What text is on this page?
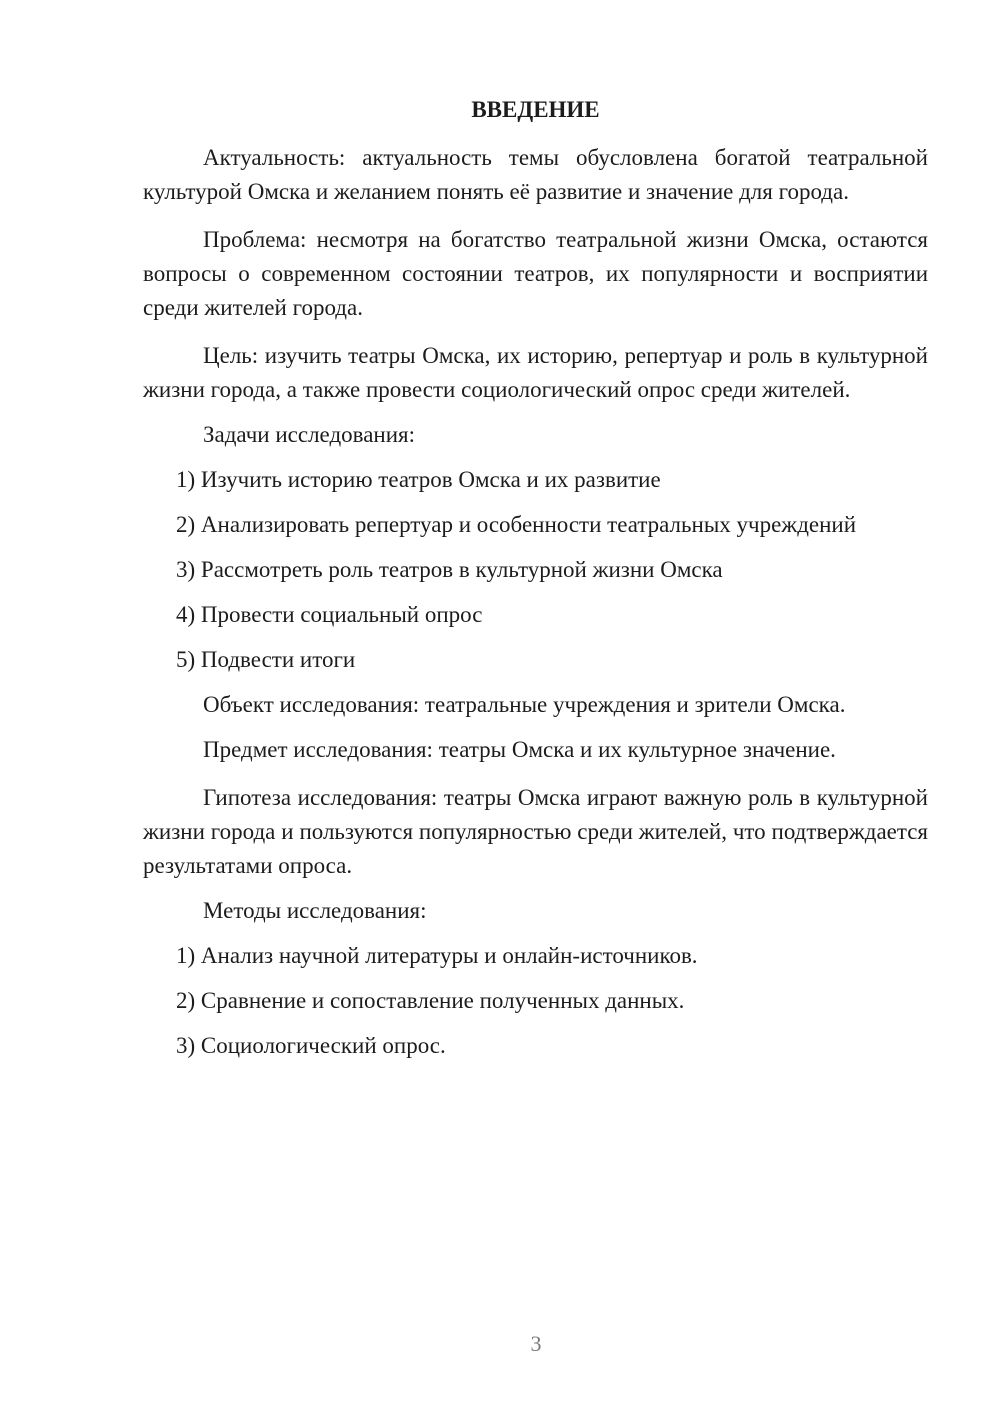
ВВЕДЕНИЕ

Актуальность: актуальность темы обусловлена богатой театральной культурой Омска и желанием понять её развитие и значение для города.

Проблема: несмотря на богатство театральной жизни Омска, остаются вопросы о современном состоянии театров, их популярности и восприятии среди жителей города.

Цель: изучить театры Омска, их историю, репертуар и роль в культурной жизни города, а также провести социологический опрос среди жителей.

Задачи исследования:

1) Изучить историю театров Омска и их развитие

2) Анализировать репертуар и особенности театральных учреждений

3) Рассмотреть роль театров в культурной жизни Омска

4) Провести социальный опрос

5) Подвести итоги

Объект исследования: театральные учреждения и зрители Омска.

Предмет исследования: театры Омска и их культурное значение.

Гипотеза исследования: театры Омска играют важную роль в культурной жизни города и пользуются популярностью среди жителей, что подтверждается результатами опроса.

Методы исследования:

1) Анализ научной литературы и онлайн-источников.

2) Сравнение и сопоставление полученных данных.

3) Социологический опрос.

3
